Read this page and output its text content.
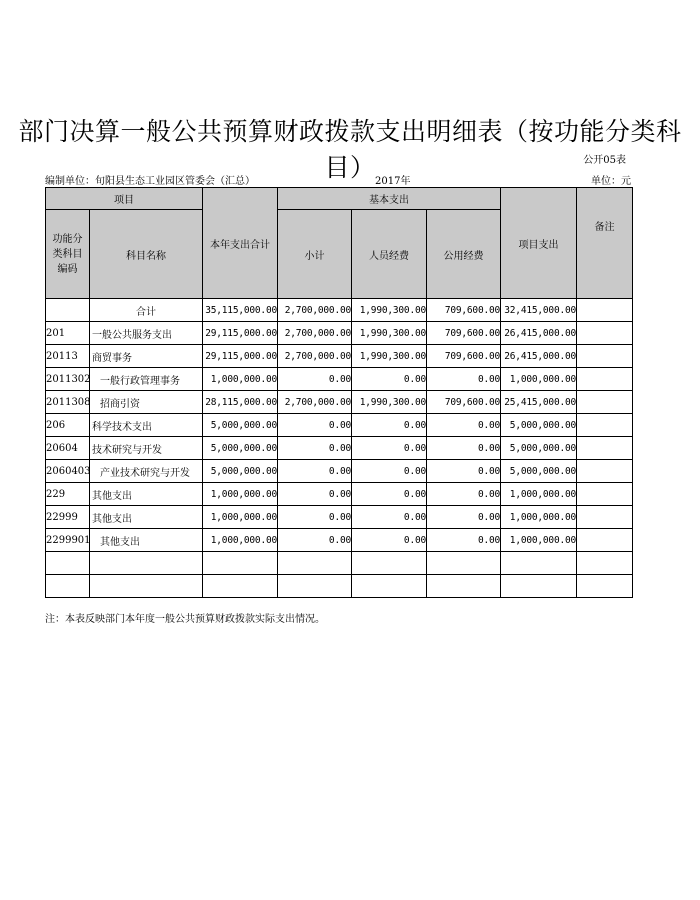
部门决算一般公共预算财政拨款支出明细表（按功能分类科目）	公开05表
编制单位：旬阳县生态工业园区管委会（汇总）	2017年	单位：元
项目		本年支出合计	基本支出			项目支出	备注
功能分类科目编码	科目名称		小计	人员经费	公用经费		
	合计	35,115,000.00	2,700,000.00	1,990,300.00	709,600.00	32,415,000.00	
201	一般公共服务支出	29,115,000.00	2,700,000.00	1,990,300.00	709,600.00	26,415,000.00	
20113	商贸事务	29,115,000.00	2,700,000.00	1,990,300.00	709,600.00	26,415,000.00	
2011302	一般行政管理事务	1,000,000.00	0.00	0.00	0.00	1,000,000.00	
2011308	招商引资	28,115,000.00	2,700,000.00	1,990,300.00	709,600.00	25,415,000.00	
206	科学技术支出	5,000,000.00	0.00	0.00	0.00	5,000,000.00	
20604	技术研究与开发	5,000,000.00	0.00	0.00	0.00	5,000,000.00	
2060403	产业技术研究与开发	5,000,000.00	0.00	0.00	0.00	5,000,000.00	
229	其他支出	1,000,000.00	0.00	0.00	0.00	1,000,000.00	
22999	其他支出	1,000,000.00	0.00	0.00	0.00	1,000,000.00	
2299901	其他支出	1,000,000.00	0.00	0.00	0.00	1,000,000.00	

注：本表反映部门本年度一般公共预算财政拨款实际支出情况。
